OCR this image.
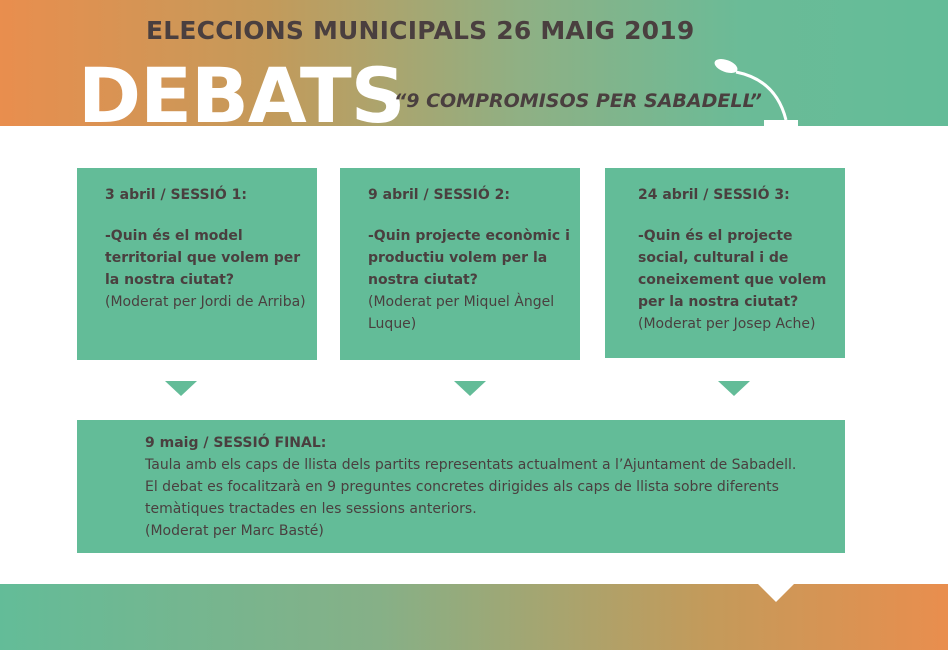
ELECCIONS MUNICIPALS 26 MAIG 2019
DEBATS
“9 COMPROMISOS PER SABADELL”
3 abril / SESSIÓ 1:
-Quin és el model territorial que volem per la nostra ciutat?
(Moderat per Jordi de Arriba)
9 abril / SESSIÓ 2:
-Quin projecte econòmic i productiu volem per la nostra ciutat?
(Moderat per Miquel Àngel Luque)
24 abril / SESSIÓ 3:
-Quin és el projecte social, cultural i de coneixement que volem per la nostra ciutat?
(Moderat per Josep Ache)
9 maig / SESSIÓ FINAL:
Taula amb els caps de llista dels partits representats actualment a l’Ajuntament de Sabadell.
El debat es focalitzarà en 9 preguntes concretes dirigides als caps de llista sobre diferents
temàtiques tractades en les sessions anteriors.
(Moderat per Marc Basté)
